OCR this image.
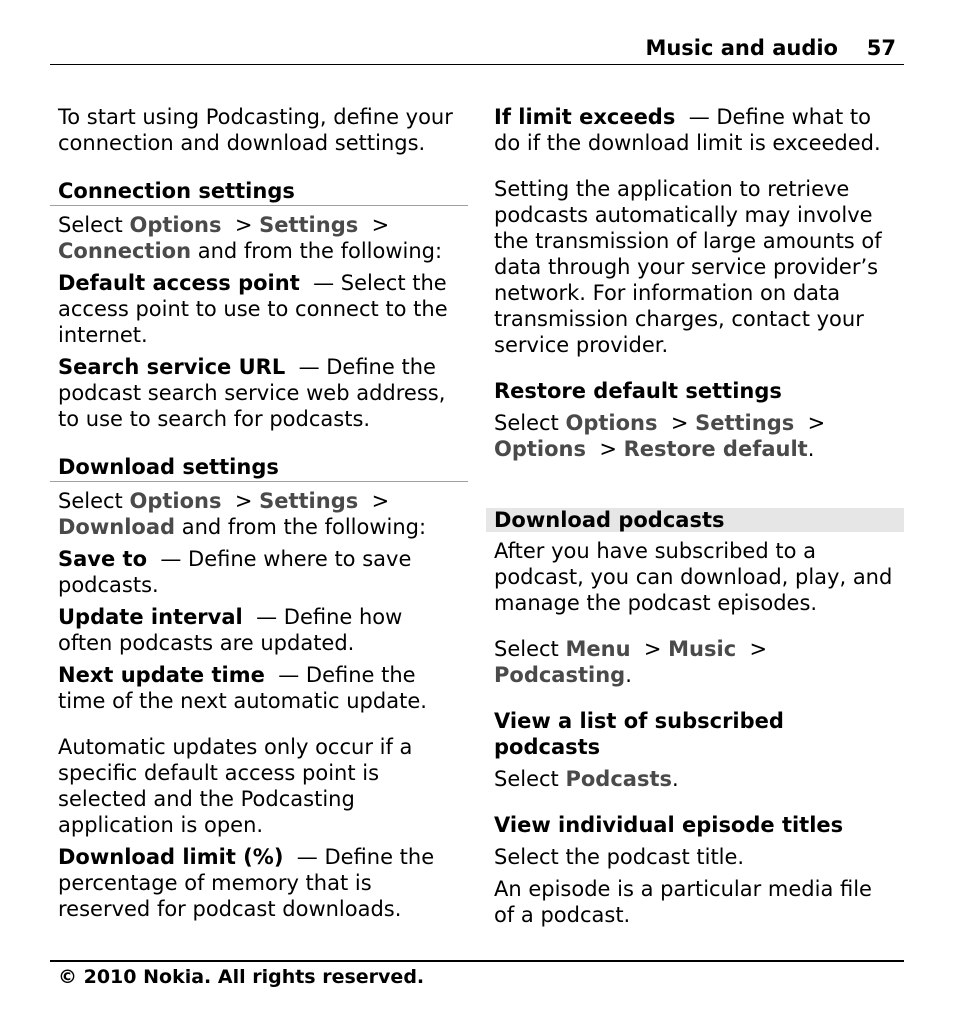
Music and audio 57

To start using Podcasting, define your connection and download settings.

Connection settings

Select Options  > Settings  > Connection and from the following:

Default access point — Select the access point to use to connect to the internet.

Search service URL — Define the podcast search service web address, to use to search for podcasts.

Download settings

Select Options  > Settings  > Download and from the following:

Save to — Define where to save podcasts.

Update interval — Define how often podcasts are updated.

Next update time — Define the time of the next automatic update.

Automatic updates only occur if a specific default access point is selected and the Podcasting application is open.

Download limit (%) — Define the percentage of memory that is reserved for podcast downloads.

If limit exceeds — Define what to do if the download limit is exceeded.

Setting the application to retrieve podcasts automatically may involve the transmission of large amounts of data through your service provider’s network. For information on data transmission charges, contact your service provider.

Restore default settings

Select Options  > Settings  > Options  > Restore default.

Download podcasts

After you have subscribed to a podcast, you can download, play, and manage the podcast episodes.

Select Menu  > Music  > Podcasting.

View a list of subscribed podcasts

Select Podcasts.

View individual episode titles

Select the podcast title.

An episode is a particular media file of a podcast.

© 2010 Nokia. All rights reserved.
